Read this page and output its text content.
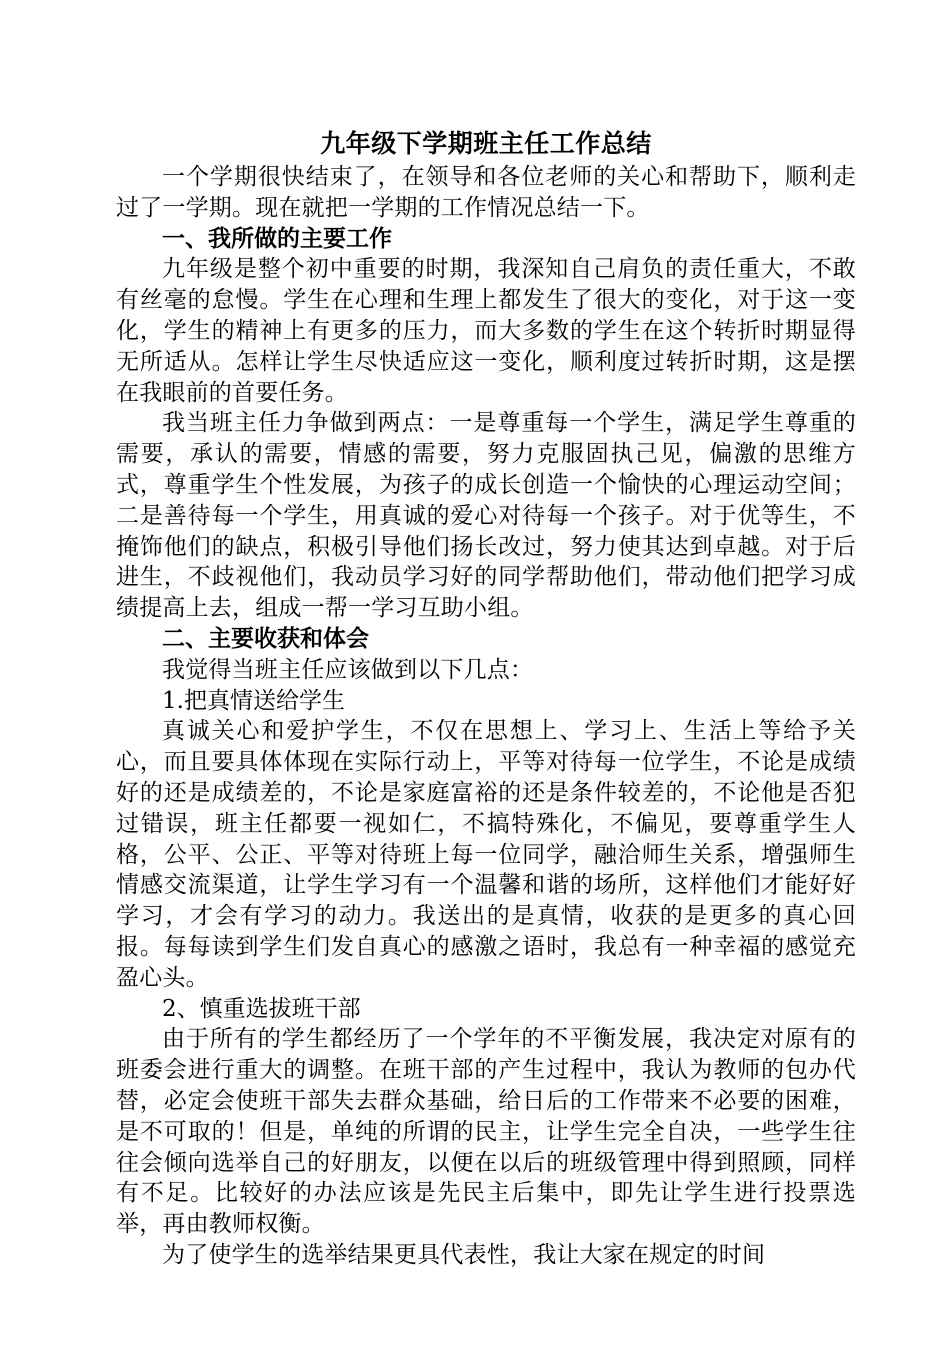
九年级下学期班主任工作总结

一个学期很快结束了，在领导和各位老师的关心和帮助下，顺利走过了一学期。现在就把一学期的工作情况总结一下。

一、我所做的主要工作

九年级是整个初中重要的时期，我深知自己肩负的责任重大，不敢有丝毫的怠慢。学生在心理和生理上都发生了很大的变化，对于这一变化，学生的精神上有更多的压力，而大多数的学生在这个转折时期显得无所适从。怎样让学生尽快适应这一变化，顺利度过转折时期，这是摆在我眼前的首要任务。

我当班主任力争做到两点：一是尊重每一个学生，满足学生尊重的需要，承认的需要，情感的需要，努力克服固执己见，偏激的思维方式，尊重学生个性发展，为孩子的成长创造一个愉快的心理运动空间；二是善待每一个学生，用真诚的爱心对待每一个孩子。对于优等生，不掩饰他们的缺点，积极引导他们扬长改过，努力使其达到卓越。对于后进生，不歧视他们，我动员学习好的同学帮助他们，带动他们把学习成绩提高上去，组成一帮一学习互助小组。

二、主要收获和体会

我觉得当班主任应该做到以下几点：

1.把真情送给学生

真诚关心和爱护学生，不仅在思想上、学习上、生活上等给予关心，而且要具体体现在实际行动上，平等对待每一位学生，不论是成绩好的还是成绩差的，不论是家庭富裕的还是条件较差的，不论他是否犯过错误，班主任都要一视如仁，不搞特殊化，不偏见，要尊重学生人格，公平、公正、平等对待班上每一位同学，融洽师生关系，增强师生情感交流渠道，让学生学习有一个温馨和谐的场所，这样他们才能好好学习，才会有学习的动力。我送出的是真情，收获的是更多的真心回报。每每读到学生们发自真心的感激之语时，我总有一种幸福的感觉充盈心头。

2、慎重选拔班干部

由于所有的学生都经历了一个学年的不平衡发展，我决定对原有的班委会进行重大的调整。在班干部的产生过程中，我认为教师的包办代替，必定会使班干部失去群众基础，给日后的工作带来不必要的困难，是不可取的！但是，单纯的所谓的民主，让学生完全自决，一些学生往往会倾向选举自己的好朋友，以便在以后的班级管理中得到照顾，同样有不足。比较好的办法应该是先民主后集中，即先让学生进行投票选举，再由教师权衡。

为了使学生的选举结果更具代表性，我让大家在规定的时间
